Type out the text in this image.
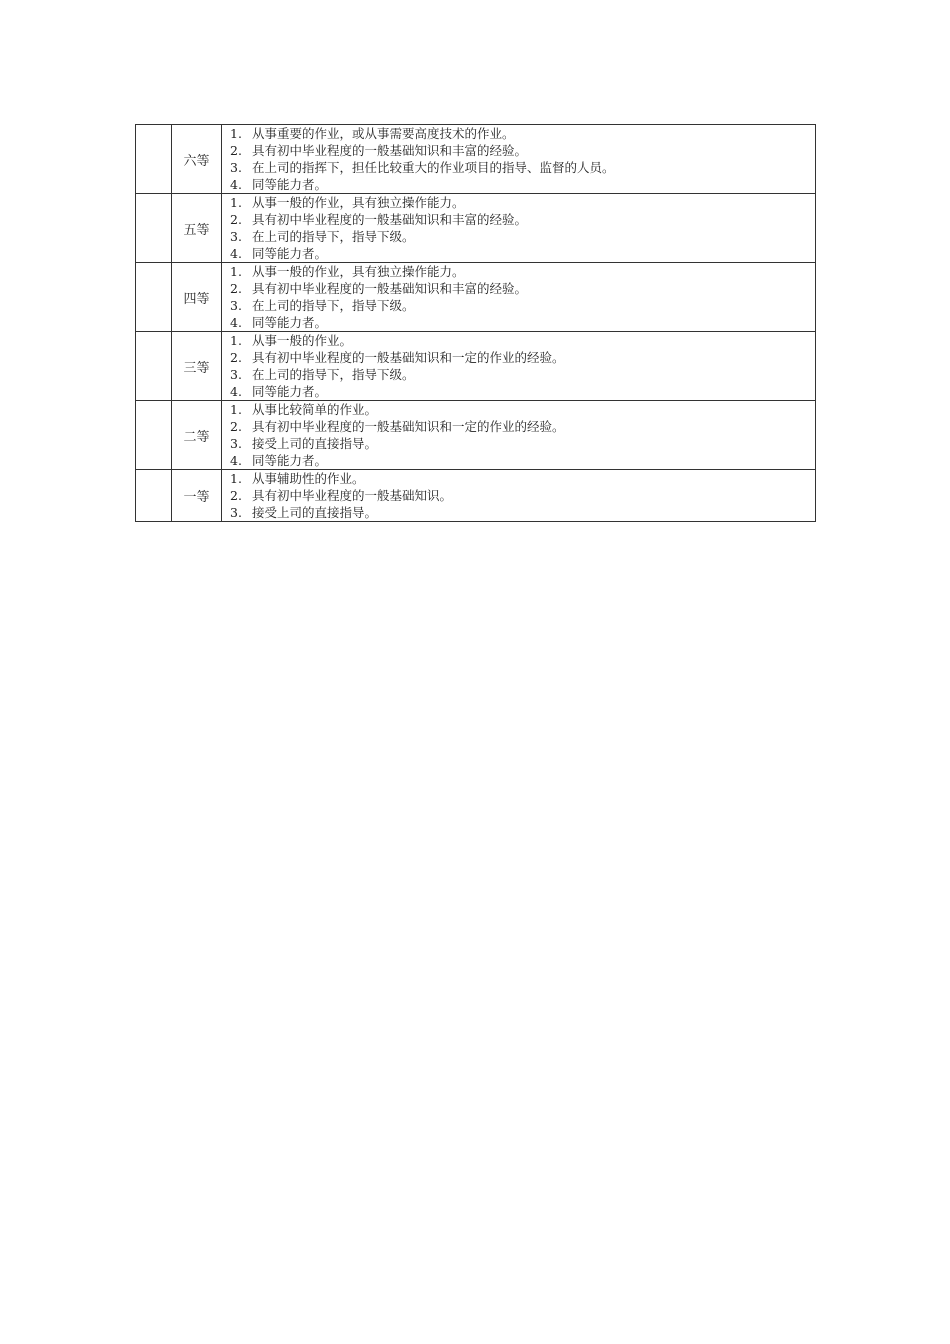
	六等	1. 从事重要的作业，或从事需要高度技术的作业。
2. 具有初中毕业程度的一般基础知识和丰富的经验。
3. 在上司的指挥下，担任比较重大的作业项目的指导、监督的人员。
4. 同等能力者。

	五等	1. 从事一般的作业，具有独立操作能力。
2. 具有初中毕业程度的一般基础知识和丰富的经验。
3. 在上司的指导下，指导下级。
4. 同等能力者。

	四等	1. 从事一般的作业，具有独立操作能力。
2. 具有初中毕业程度的一般基础知识和丰富的经验。
3. 在上司的指导下，指导下级。
4. 同等能力者。

	三等	1. 从事一般的作业。
2. 具有初中毕业程度的一般基础知识和一定的作业的经验。
3. 在上司的指导下，指导下级。
4. 同等能力者。

	二等	1. 从事比较简单的作业。
2. 具有初中毕业程度的一般基础知识和一定的作业的经验。
3. 接受上司的直接指导。
4. 同等能力者。

	一等	1. 从事辅助性的作业。
2. 具有初中毕业程度的一般基础知识。
3. 接受上司的直接指导。
